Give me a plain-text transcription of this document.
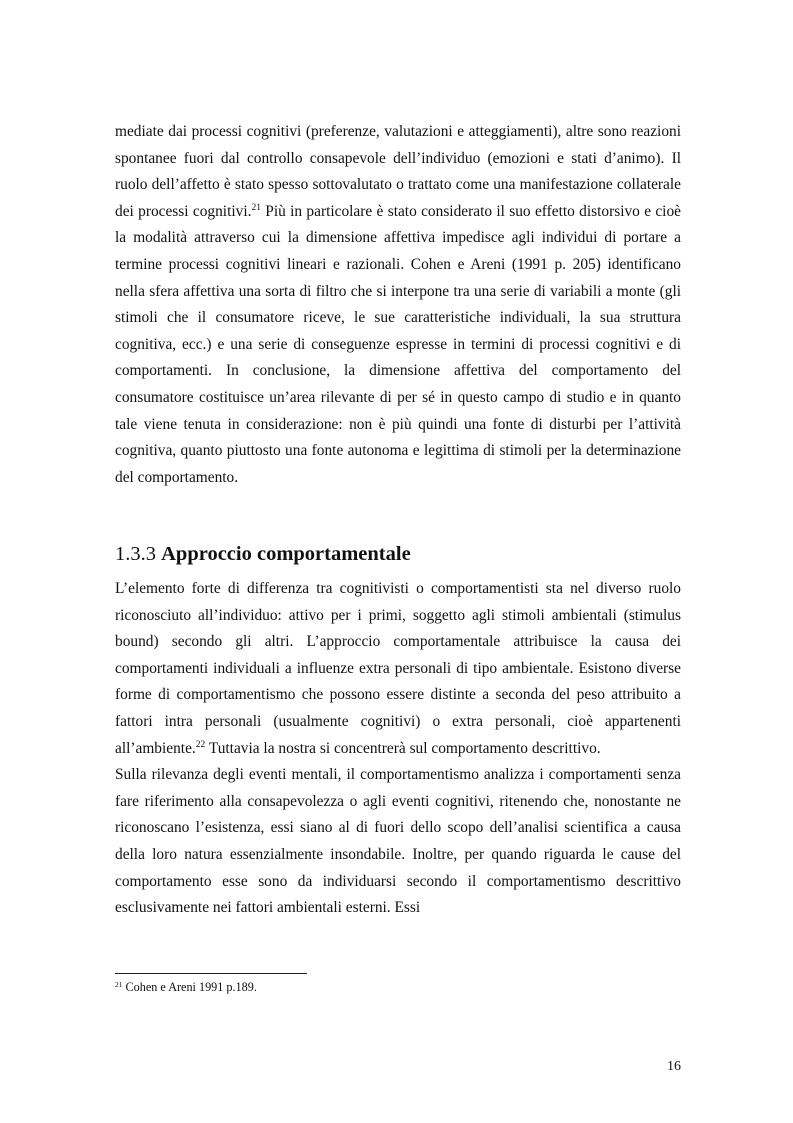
mediate dai processi cognitivi (preferenze, valutazioni e atteggiamenti), altre sono reazioni spontanee fuori dal controllo consapevole dell’individuo (emozioni e stati d’animo). Il ruolo dell’affetto è stato spesso sottovalutato o trattato come una manifestazione collaterale dei processi cognitivi.$^{21}$ Più in particolare è stato considerato il suo effetto distorsivo e cioè la modalità attraverso cui la dimensione affettiva impedisce agli individui di portare a termine processi cognitivi lineari e razionali. Cohen e Areni (1991 p. 205) identificano nella sfera affettiva una sorta di filtro che si interpone tra una serie di variabili a monte (gli stimoli che il consumatore riceve, le sue caratteristiche individuali, la sua struttura cognitiva, ecc.) e una serie di conseguenze espresse in termini di processi cognitivi e di comportamenti. In conclusione, la dimensione affettiva del comportamento del consumatore costituisce un’area rilevante di per sé in questo campo di studio e in quanto tale viene tenuta in considerazione: non è più quindi una fonte di disturbi per l’attività cognitiva, quanto piuttosto una fonte autonoma e legittima di stimoli per la determinazione del comportamento.

1.3.3 Approccio comportamentale

L’elemento forte di differenza tra cognitivisti o comportamentisti sta nel diverso ruolo riconosciuto all’individuo: attivo per i primi, soggetto agli stimoli ambientali (stimulus bound) secondo gli altri. L’approccio comportamentale attribuisce la causa dei comportamenti individuali a influenze extra personali di tipo ambientale. Esistono diverse forme di comportamentismo che possono essere distinte a seconda del peso attribuito a fattori intra personali (usualmente cognitivi) o extra personali, cioè appartenenti all’ambiente.$^{22}$ Tuttavia la nostra si concentrerà sul comportamento descrittivo.

Sulla rilevanza degli eventi mentali, il comportamentismo analizza i comportamenti senza fare riferimento alla consapevolezza o agli eventi cognitivi, ritenendo che, nonostante ne riconoscano l’esistenza, essi siano al di fuori dello scopo dell’analisi scientifica a causa della loro natura essenzialmente insondabile. Inoltre, per quando riguarda le cause del comportamento esse sono da individuarsi secondo il comportamentismo descrittivo esclusivamente nei fattori ambientali esterni. Essi

$^{21}$ Cohen e Areni 1991 p.189.
16
